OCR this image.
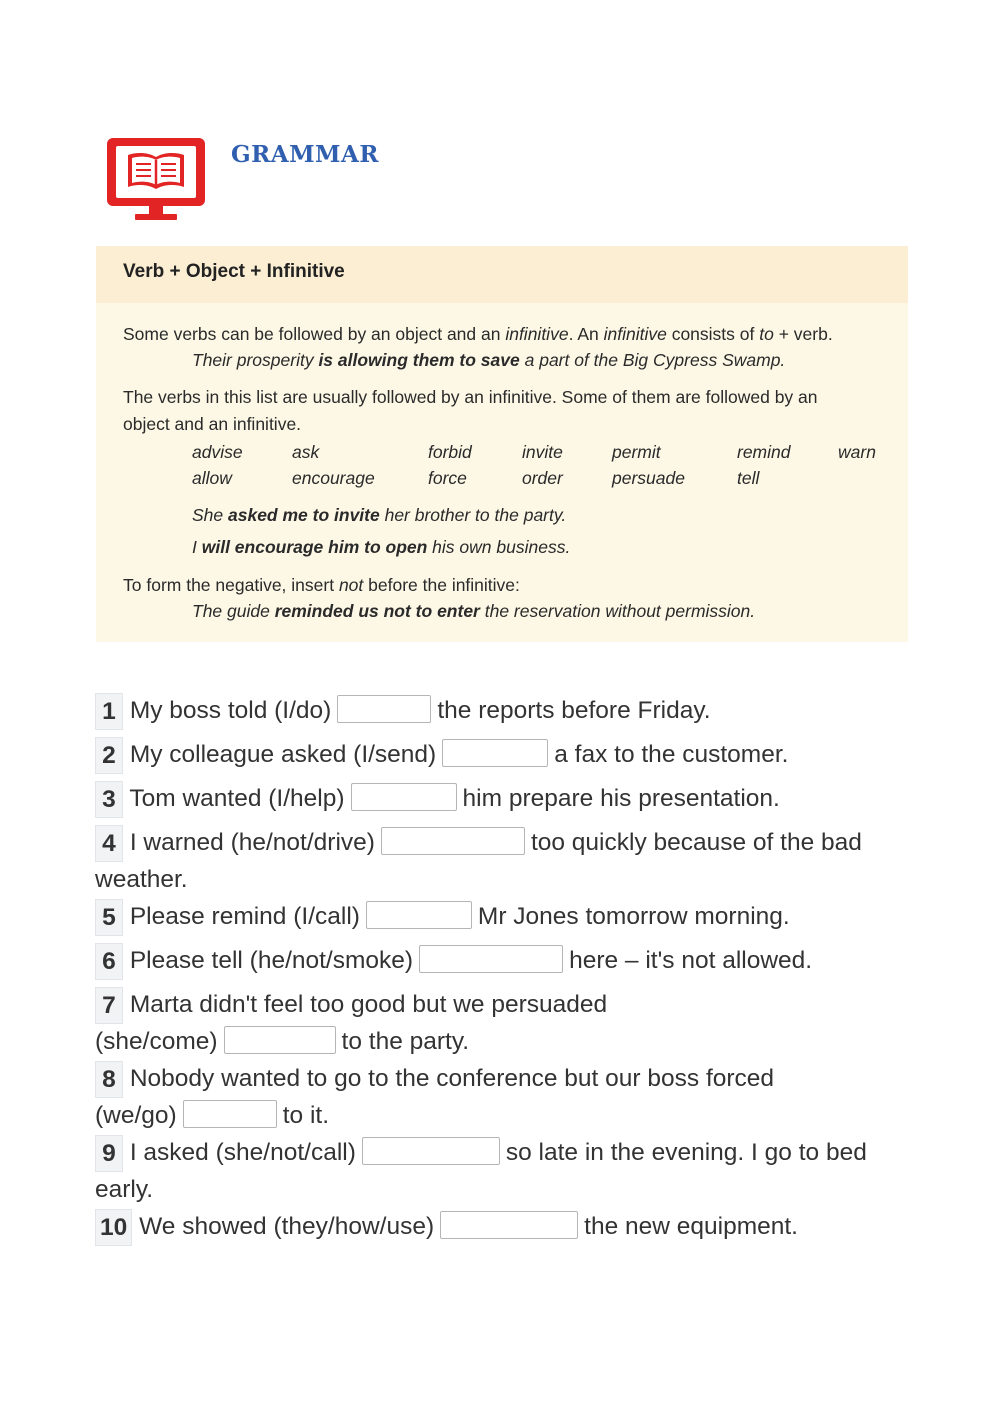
GRAMMAR
Verb + Object + Infinitive
Some verbs can be followed by an object and an infinitive. An infinitive consists of to + verb.
Their prosperity is allowing them to save a part of the Big Cypress Swamp.
The verbs in this list are usually followed by an infinitive. Some of them are followed by an
object and an infinitive.
advise	ask	forbid	invite	permit	remind	warn
allow	encourage	force	order	persuade	tell	
She asked me to invite her brother to the party.
I will encourage him to open his own business.
To form the negative, insert not before the infinitive:
The guide reminded us not to enter the reservation without permission.
1 My boss told (I/do)	the reports before Friday.
2 My colleague asked (I/send)	a fax to the customer.
3 Tom wanted (I/help)	him prepare his presentation.
4 I warned (he/not/drive)	too quickly because of the bad weather.
5 Please remind (I/call)	Mr Jones tomorrow morning.
6 Please tell (he/not/smoke)	here – it's not allowed.
7 Marta didn't feel too good but we persuaded
(she/come)	to the party.
8 Nobody wanted to go to the conference but our boss forced
(we/go)	to it.
9 I asked (she/not/call)	so late in the evening. I go to bed early.
10 We showed (they/how/use)	the new equipment.
